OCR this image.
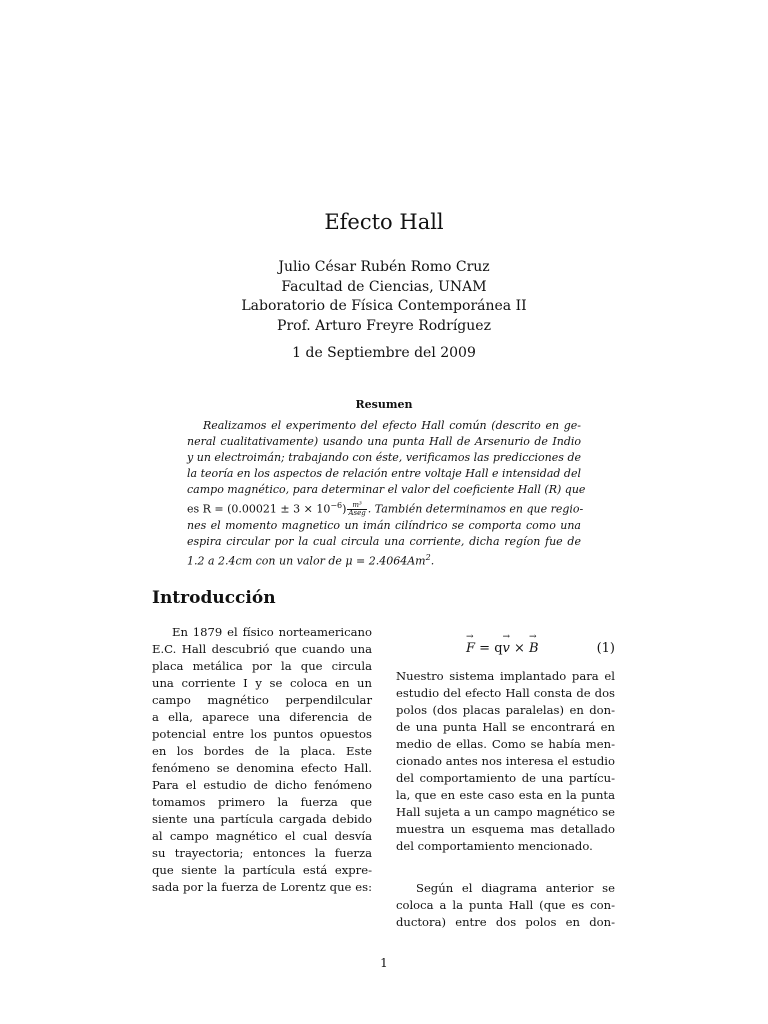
Efecto Hall
Julio César Rubén Romo Cruz
Facultad de Ciencias, UNAM
Laboratorio de Física Contemporánea II
Prof. Arturo Freyre Rodríguez
1 de Septiembre del 2009
Resumen
Realizamos el experimento del efecto Hall común (descrito en ge-
neral cualitativamente) usando una punta Hall de Arsenurio de Indio
y un electroimán; trabajando con éste, verificamos las predicciones de
la teoría en los aspectos de relación entre voltaje Hall e intensidad del
campo magnético, para determinar el valor del coeficiente Hall (R) que
es $R = (0.00021 \pm 3 \times 10^{-6}) \frac{\text{m³}}{\text{Aseg}}$ . También determinamos en que regio-
nes el momento magnetico un imán cilíndrico se comporta como una
espira circular por la cual circula una corriente, dicha regíon fue de
1.2 a 2.4cm con un valor de $\mu = 2.4064Am^2$.
Introducción
En 1879 el físico norteamericano
E.C. Hall descubrió que cuando una
placa metálica por la que circula
una corriente I y se coloca en un
campo magnético perpendilcular
a ella, aparece una diferencia de
potencial entre los puntos opuestos
en los bordes de la placa. Este
fenómeno se denomina efecto Hall.
Para el estudio de dicho fenómeno
tomamos primero la fuerza que
siente una partícula cargada debido
al campo magnético el cual desvía
su trayectoria; entonces la fuerza
que siente la partícula está expre-
sada por la fuerza de Lorentz que es:
→ F = q→ v × → B	(1)
Nuestro sistema implantado para el
estudio del efecto Hall consta de dos
polos (dos placas paralelas) en don-
de una punta Hall se encontrará en
medio de ellas. Como se había men-
cionado antes nos interesa el estudio
del comportamiento de una partícu-
la, que en este caso esta en la punta
Hall sujeta a un campo magnético se
muestra un esquema mas detallado
del comportamiento mencionado.
Según el diagrama anterior se
coloca a la punta Hall (que es con-
ductora) entre dos polos en don-
1
